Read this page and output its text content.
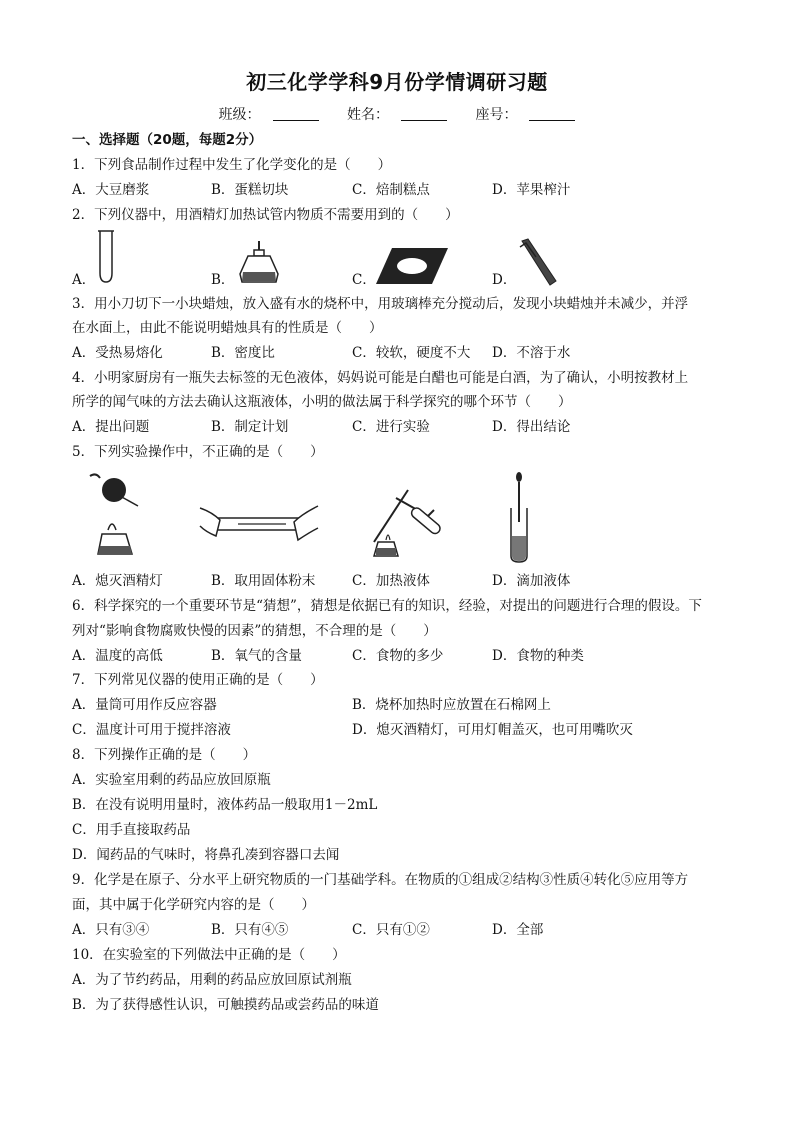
初三化学学科9月份学情调研习题
班级：	姓名：	座号：
一、选择题（20题，每题2分）
1．下列食品制作过程中发生了化学变化的是（　　）
A．大豆磨浆	B．蛋糕切块	C．焙制糕点	D．苹果榨汁
2．下列仪器中，用酒精灯加热试管内物质不需要用到的（　　）
A．	B．	C．	D．
3．用小刀切下一小块蜡烛，放入盛有水的烧杯中，用玻璃棒充分搅动后，发现小块蜡烛并未减少，并浮
在水面上，由此不能说明蜡烛具有的性质是（　　）
A．受热易熔化	B．密度比	C．较软，硬度不大 D．不溶于水
4．小明家厨房有一瓶失去标签的无色液体，妈妈说可能是白醋也可能是白酒，为了确认，小明按教材上
所学的闻气味的方法去确认这瓶液体，小明的做法属于科学探究的哪个环节（　　）
A．提出问题	B．制定计划	C．进行实验	D．得出结论
5．下列实验操作中，不正确的是（　　）
A．熄灭酒精灯	B．取用固体粉末	C．加热液体	D．滴加液体
6．科学探究的一个重要环节是“猜想”，猜想是依据已有的知识，经验，对提出的问题进行合理的假设。下
列对“影响食物腐败快慢的因素”的猜想，不合理的是（　　）
A．温度的高低	B．氧气的含量	C．食物的多少	D．食物的种类
7．下列常见仪器的使用正确的是（　　）
A．量筒可用作反应容器	B．烧杯加热时应放置在石棉网上
C．温度计可用于搅拌溶液	D．熄灭酒精灯，可用灯帽盖灭，也可用嘴吹灭
8．下列操作正确的是（　　）
A．实验室用剩的药品应放回原瓶
B．在没有说明用量时，液体药品一般取用1－2mL
C．用手直接取药品
D．闻药品的气味时，将鼻孔凑到容器口去闻
9．化学是在原子、分水平上研究物质的一门基础学科。在物质的①组成②结构③性质④转化⑤应用等方
面，其中属于化学研究内容的是（　　）
A．只有③④	B．只有④⑤	C．只有①②	D．全部
10．在实验室的下列做法中正确的是（　　）
A．为了节约药品，用剩的药品应放回原试剂瓶
B．为了获得感性认识，可触摸药品或尝药品的味道
